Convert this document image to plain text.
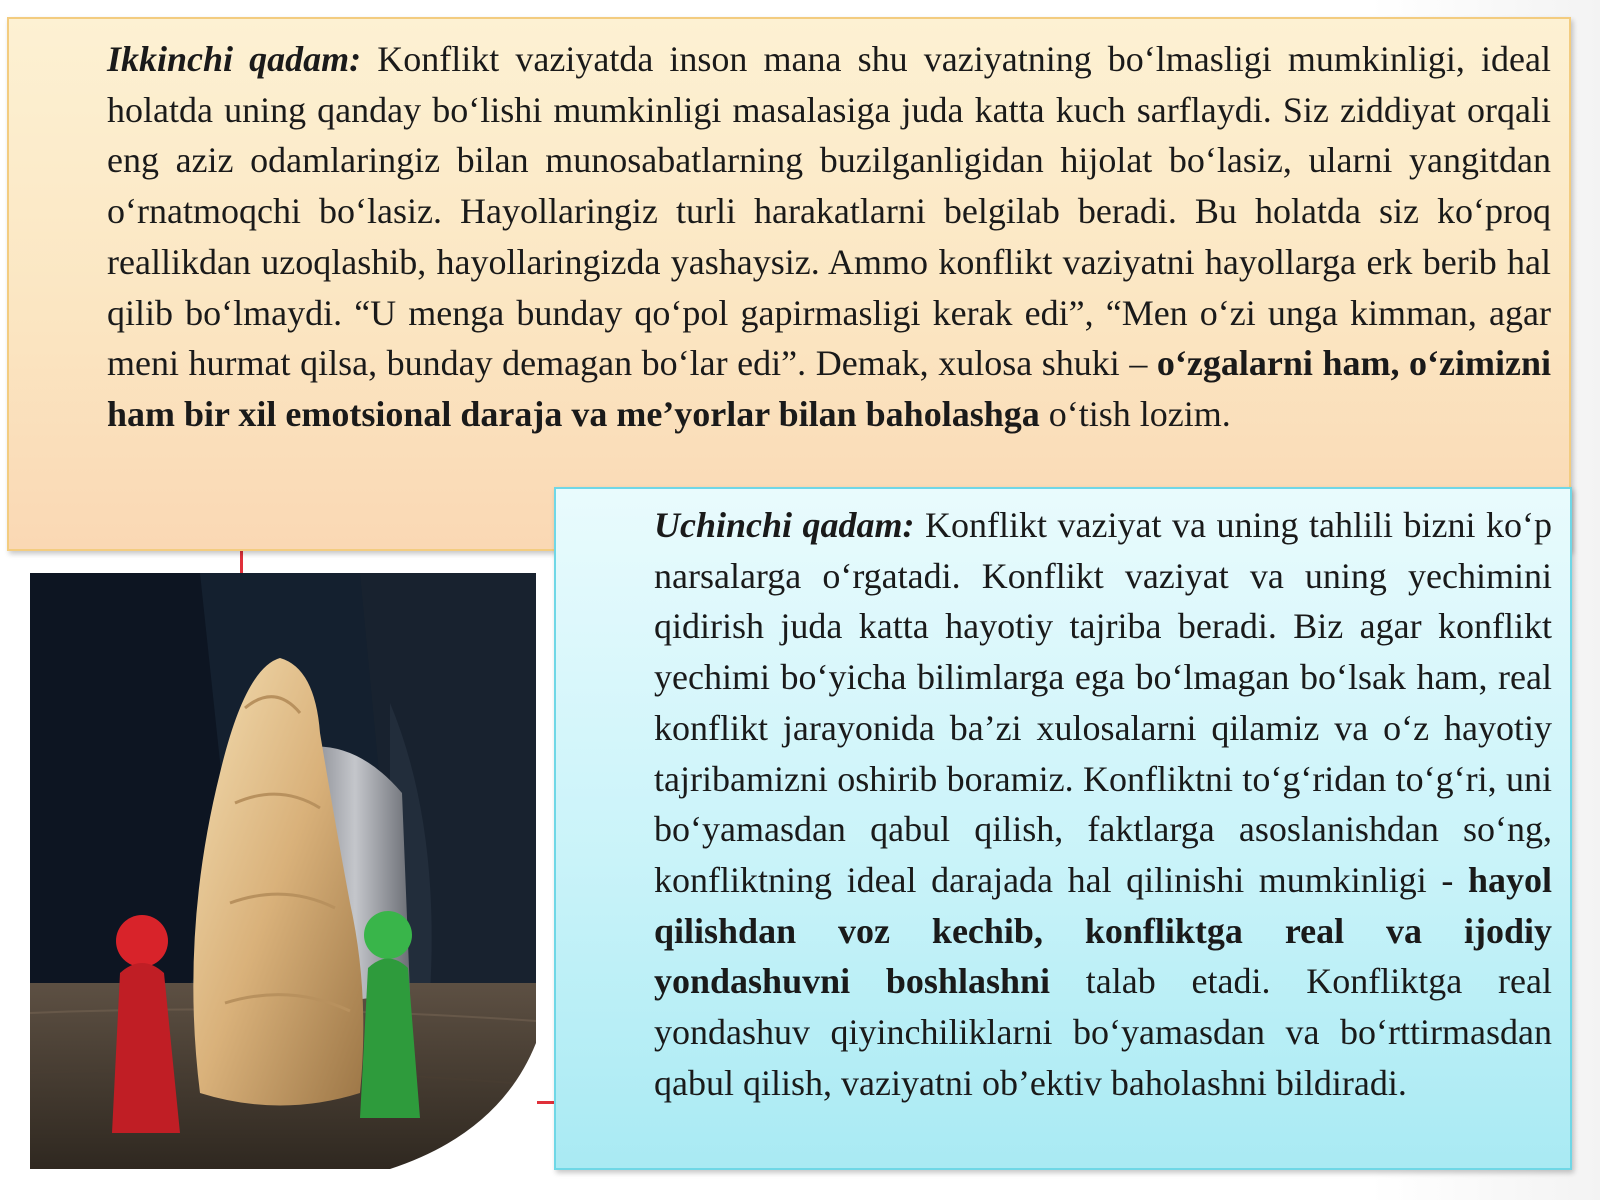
Ikkinchi qadam: Konflikt vaziyatda inson mana shu vaziyatning bo‘lmasligi mumkinligi, ideal holatda uning qanday bo‘lishi mumkinligi masalasiga juda katta kuch sarflaydi. Siz ziddiyat orqali eng aziz odamlaringiz bilan munosabatlarning buzilganligidan hijolat bo‘lasiz, ularni yangitdan o‘rnatmoqchi bo‘lasiz. Hayollaringiz turli harakatlarni belgilab beradi. Bu holatda siz ko‘proq reallikdan uzoqlashib, hayollaringizda yashaysiz. Ammo konflikt vaziyatni hayollarga erk berib hal qilib bo‘lmaydi. “U menga bunday qo‘pol gapirmasligi kerak edi”, “Men o‘zi unga kimman, agar meni hurmat qilsa, bunday demagan bo‘lar edi”. Demak, xulosa shuki – o‘zgalarni ham, o‘zimizni ham bir xil emotsional daraja va me’yorlar bilan baholashga o‘tish lozim.

Uchinchi qadam: Konflikt vaziyat va uning tahlili bizni ko‘p narsalarga o‘rgatadi. Konflikt vaziyat va uning yechimini qidirish juda katta hayotiy tajriba beradi. Biz agar konflikt yechimi bo‘yicha bilimlarga ega bo‘lmagan bo‘lsak ham, real konflikt jarayonida ba’zi xulosalarni qilamiz va o‘z hayotiy tajribamizni oshirib boramiz. Konfliktni to‘g‘ridan to‘g‘ri, uni bo‘yamasdan qabul qilish, faktlarga asoslanishdan so‘ng, konfliktning ideal darajada hal qilinishi mumkinligi - hayol qilishdan voz kechib, konfliktga real va ijodiy yondashuvni boshlashni talab etadi. Konfliktga real yondashuv qiyinchiliklarni bo‘yamasdan va bo‘rttirmasdan qabul qilish, vaziyatni ob’ektiv baholashni bildiradi.
